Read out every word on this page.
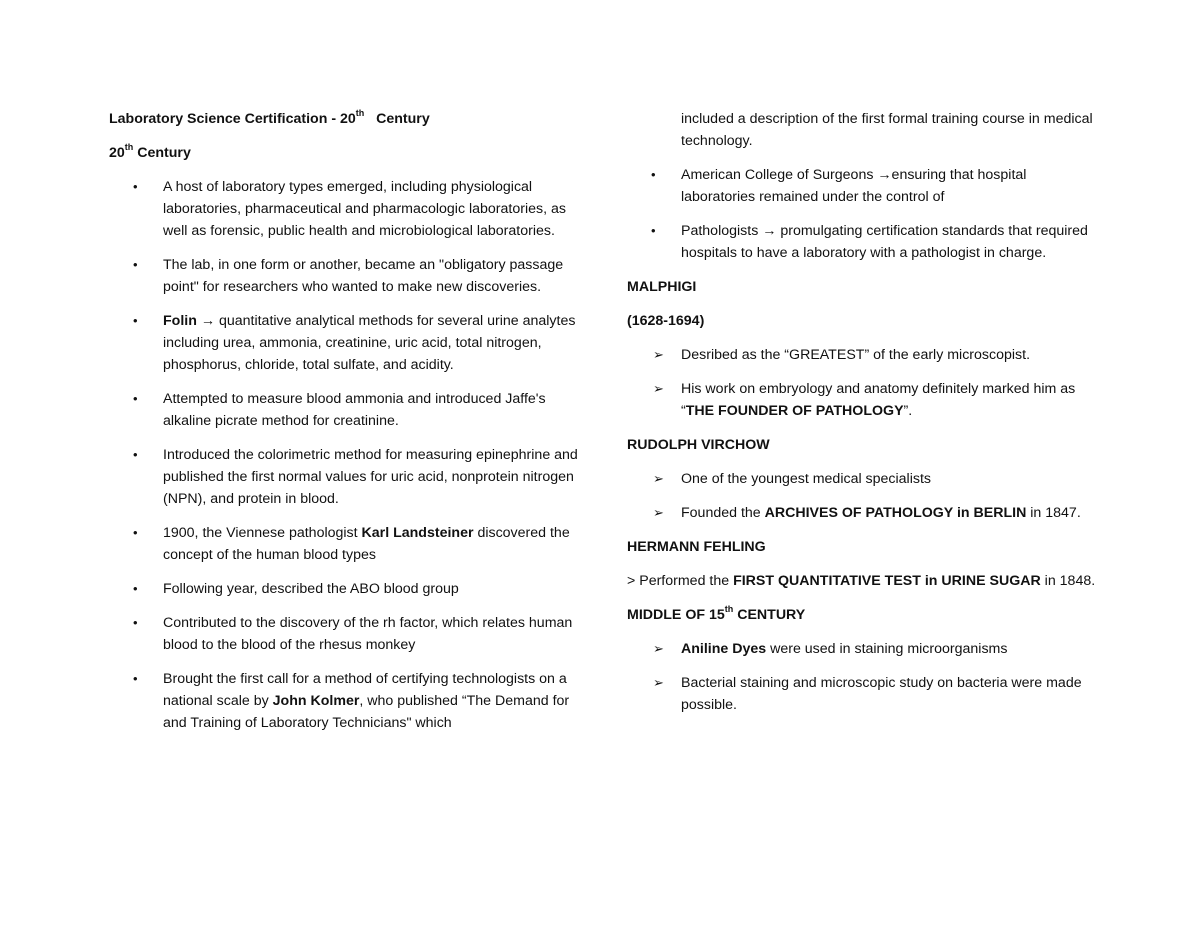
Laboratory Science Certification - 20th Century

20th Century

•	A host of laboratory types emerged, including physiological laboratories, pharmaceutical and pharmacologic laboratories, as well as forensic, public health and microbiological laboratories.
•	The lab, in one form or another, became an "obligatory passage point" for researchers who wanted to make new discoveries.
•	Folin → quantitative analytical methods for several urine analytes including urea, ammonia, creatinine, uric acid, total nitrogen, phosphorus, chloride, total sulfate, and acidity.
•	Attempted to measure blood ammonia and introduced Jaffe's alkaline picrate method for creatinine.
•	Introduced the colorimetric method for measuring epinephrine and published the first normal values for uric acid, nonprotein nitrogen (NPN), and protein in blood.
•	1900, the Viennese pathologist Karl Landsteiner discovered the concept of the human blood types
•	Following year, described the ABO blood group
•	Contributed to the discovery of the rh factor, which relates human blood to the blood of the rhesus monkey
•	Brought the first call for a method of certifying technologists on a national scale by John Kolmer, who published “The Demand for and Training of Laboratory Technicians" which

included a description of the first formal training course in medical technology.

•	American College of Surgeons →ensuring that hospital laboratories remained under the control of
•	Pathologists → promulgating certification standards that required hospitals to have a laboratory with a pathologist in charge.

MALPHIGI

(1628-1694)

➢	Desribed as the “GREATEST” of the early microscopist.
➢	His work on embryology and anatomy definitely marked him as “THE FOUNDER OF PATHOLOGY”.

RUDOLPH VIRCHOW

➢	One of the youngest medical specialists
➢	Founded the ARCHIVES OF PATHOLOGY in BERLIN in 1847.

HERMANN FEHLING

> Performed the FIRST QUANTITATIVE TEST in URINE SUGAR in 1848.

MIDDLE OF 15th CENTURY

➢	Aniline Dyes were used in staining microorganisms
➢	Bacterial staining and microscopic study on bacteria were made possible.
